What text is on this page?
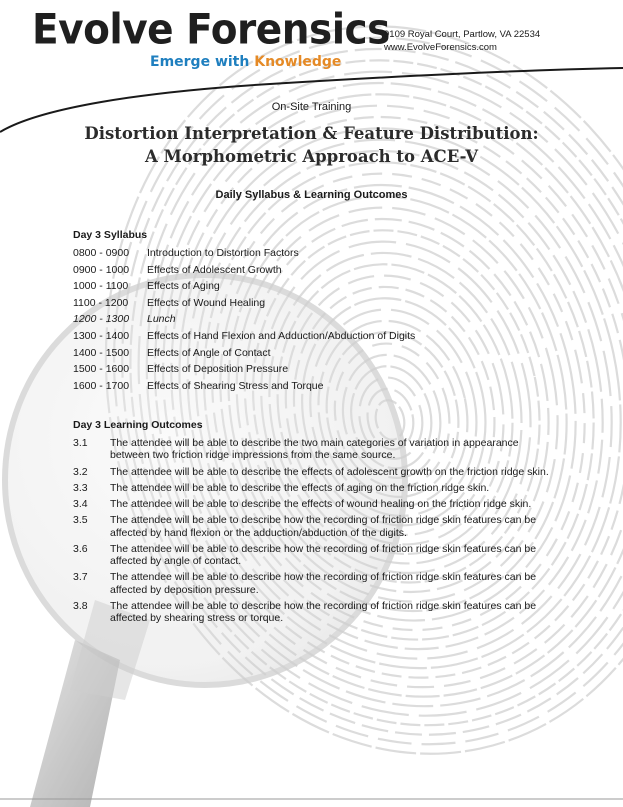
Evolve Forensics
Emerge with Knowledge
9109 Royal Court, Partlow, VA 22534
www.EvolveForensics.com
On-Site Training
Distortion Interpretation & Feature Distribution:
A Morphometric Approach to ACE-V
Daily Syllabus & Learning Outcomes
Day 3 Syllabus
0800 - 0900 Introduction to Distortion Factors
0900 - 1000 Effects of Adolescent Growth
1000 - 1100 Effects of Aging
1100 - 1200 Effects of Wound Healing
1200 - 1300 Lunch
1300 - 1400 Effects of Hand Flexion and Adduction/Abduction of Digits
1400 - 1500 Effects of Angle of Contact
1500 - 1600 Effects of Deposition Pressure
1600 - 1700 Effects of Shearing Stress and Torque
Day 3 Learning Outcomes
3.1 The attendee will be able to describe the two main categories of variation in appearance between two friction ridge impressions from the same source.
3.2 The attendee will be able to describe the effects of adolescent growth on the friction ridge skin.
3.3 The attendee will be able to describe the effects of aging on the friction ridge skin.
3.4 The attendee will be able to describe the effects of wound healing on the friction ridge skin.
3.5 The attendee will be able to describe how the recording of friction ridge skin features can be affected by hand flexion or the adduction/abduction of the digits.
3.6 The attendee will be able to describe how the recording of friction ridge skin features can be affected by angle of contact.
3.7 The attendee will be able to describe how the recording of friction ridge skin features can be affected by deposition pressure.
3.8 The attendee will be able to describe how the recording of friction ridge skin features can be affected by shearing stress or torque.
